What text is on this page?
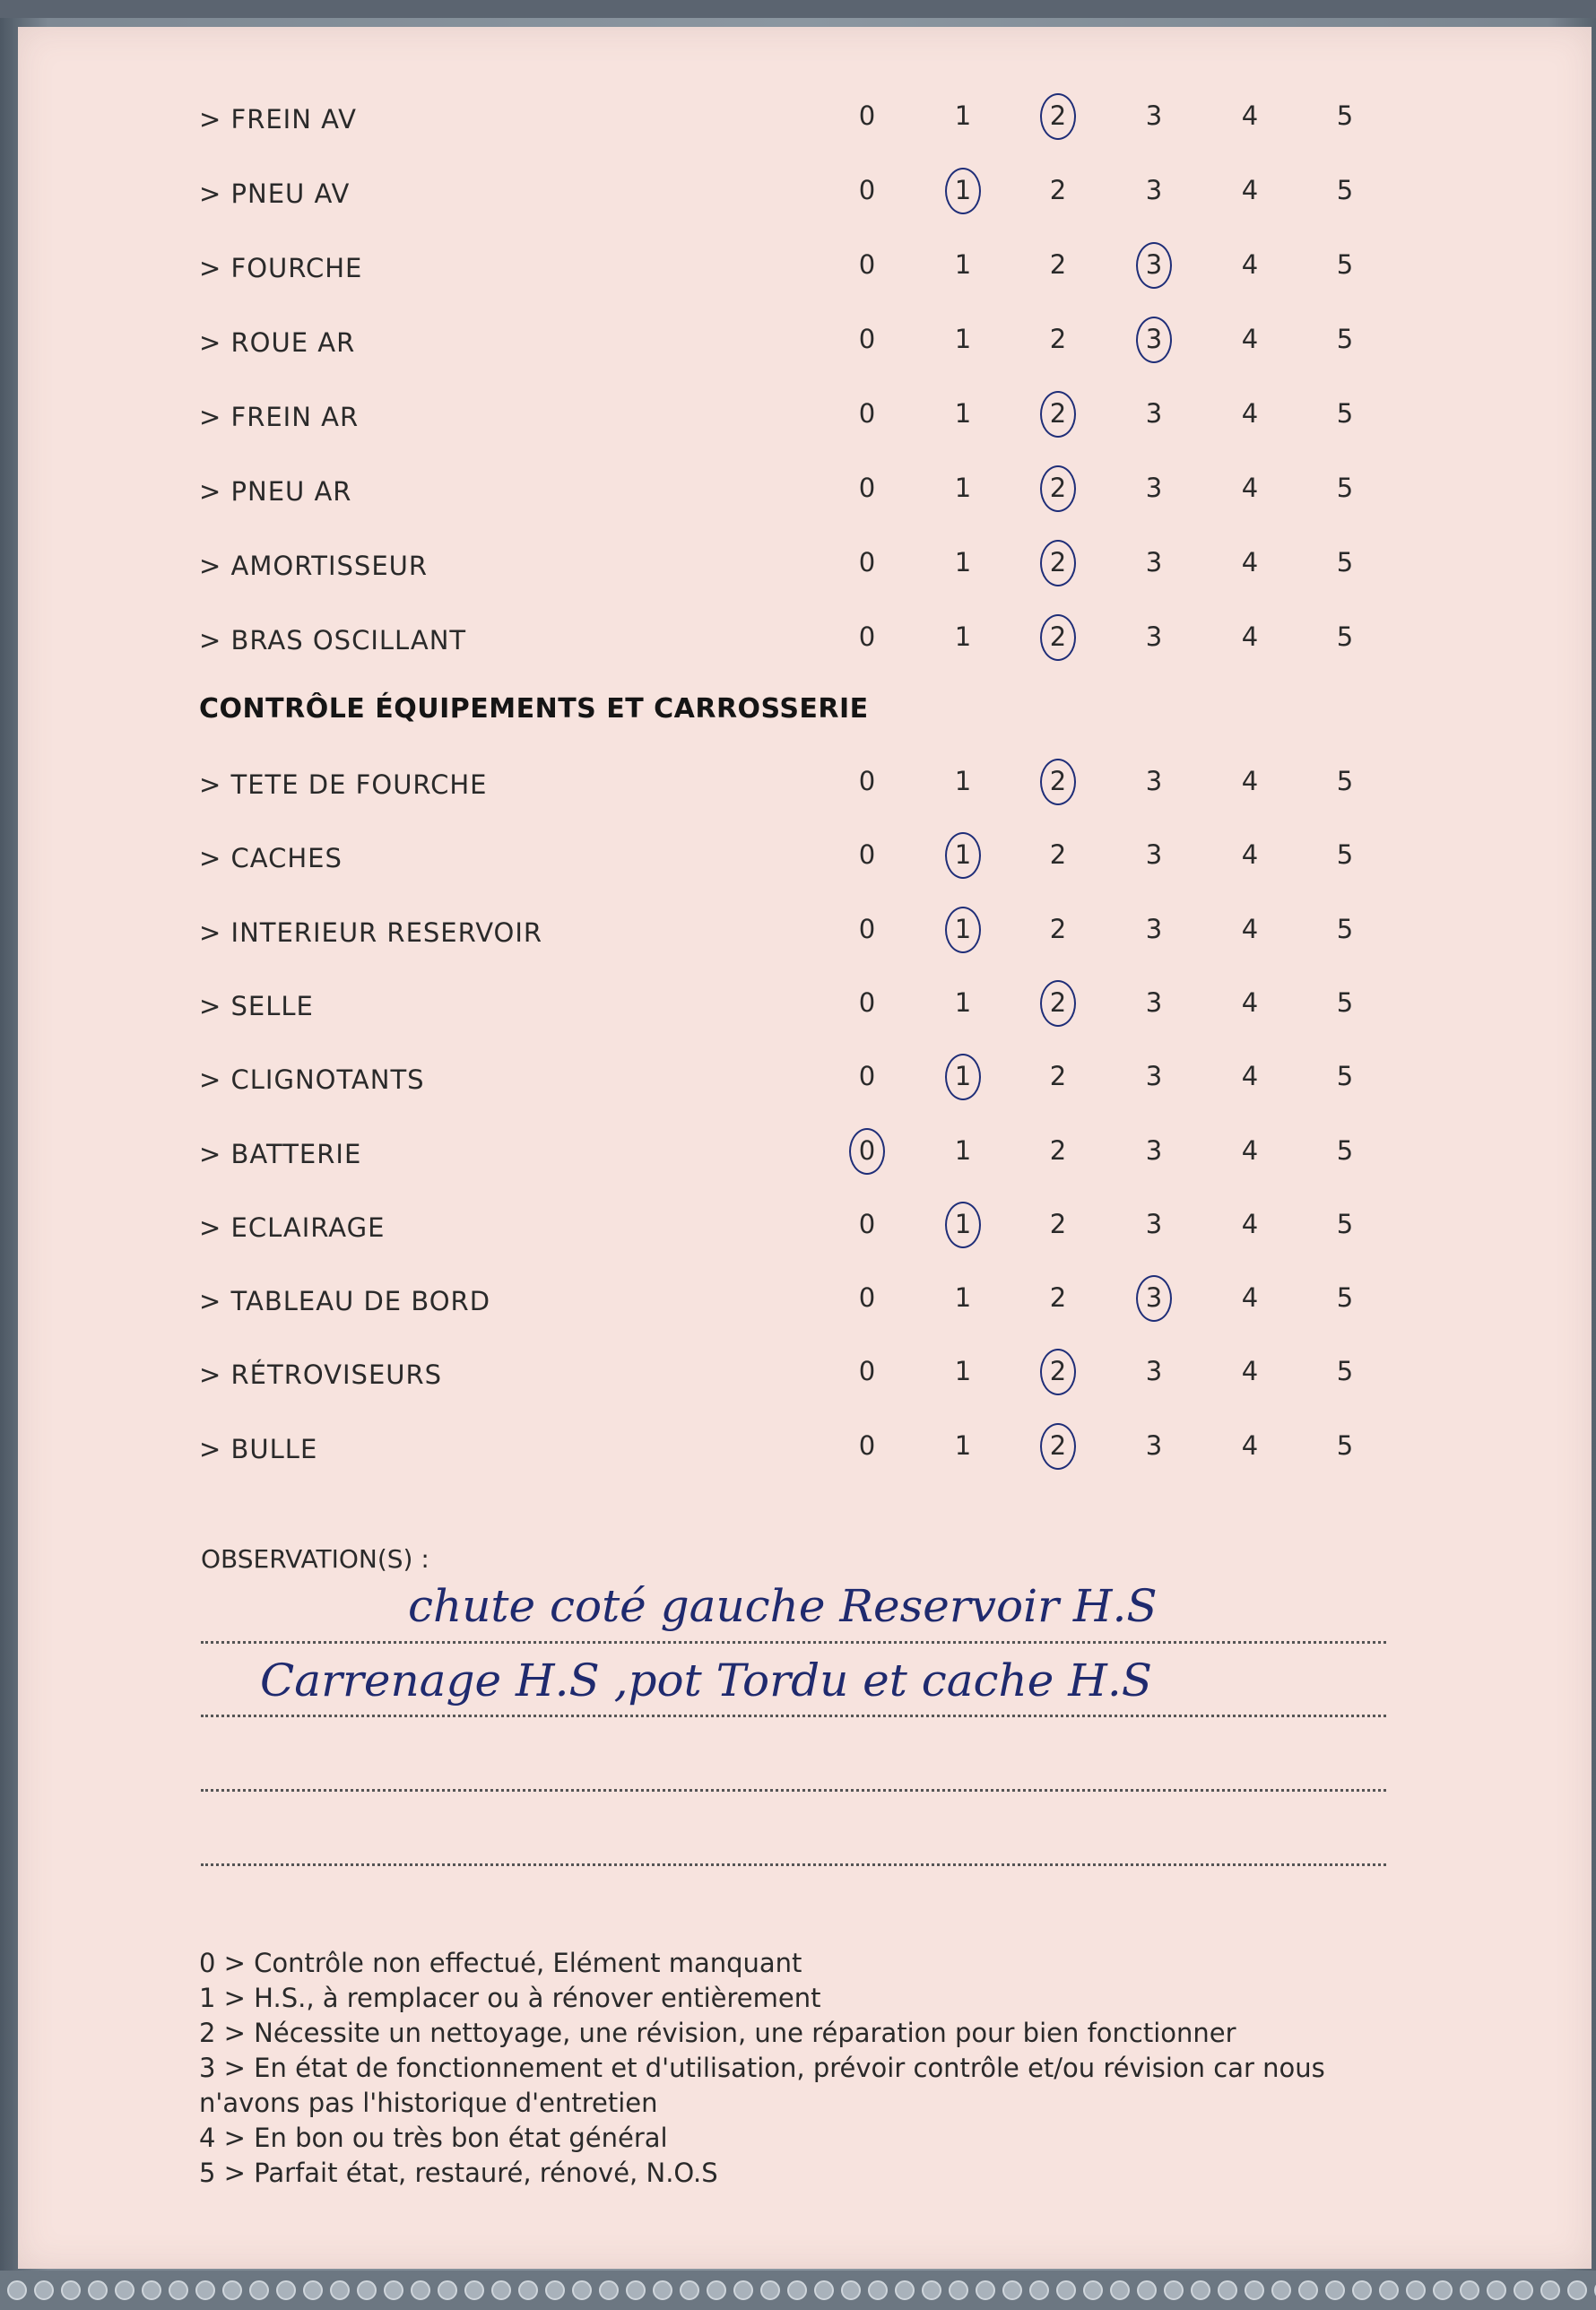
> FREIN AV	0	1	2	3	4	5
> PNEU AV	0	1	2	3	4	5
> FOURCHE	0	1	2	3	4	5
> ROUE AR	0	1	2	3	4	5
> FREIN AR	0	1	2	3	4	5
> PNEU AR	0	1	2	3	4	5
> AMORTISSEUR	0	1	2	3	4	5
> BRAS OSCILLANT	0	1	2	3	4	5
CONTRÔLE ÉQUIPEMENTS ET CARROSSERIE
> TETE DE FOURCHE	0	1	2	3	4	5
> CACHES	0	1	2	3	4	5
> INTERIEUR RESERVOIR	0	1	2	3	4	5
> SELLE	0	1	2	3	4	5
> CLIGNOTANTS	0	1	2	3	4	5
> BATTERIE	0	1	2	3	4	5
> ECLAIRAGE	0	1	2	3	4	5
> TABLEAU DE BORD	0	1	2	3	4	5
> RÉTROVISEURS	0	1	2	3	4	5
> BULLE	0	1	2	3	4	5
OBSERVATION(S) :
chute coté gauche Reservoir H.S
Carrenage H.S ,pot Tordu et cache H.S
0 > Contrôle non effectué, Elément manquant
1 > H.S., à remplacer ou à rénover entièrement
2 > Nécessite un nettoyage, une révision, une réparation pour bien fonctionner
3 > En état de fonctionnement et d'utilisation, prévoir contrôle et/ou révision car nous n'avons pas l'historique d'entretien
4 > En bon ou très bon état général
5 > Parfait état, restauré, rénové, N.O.S
